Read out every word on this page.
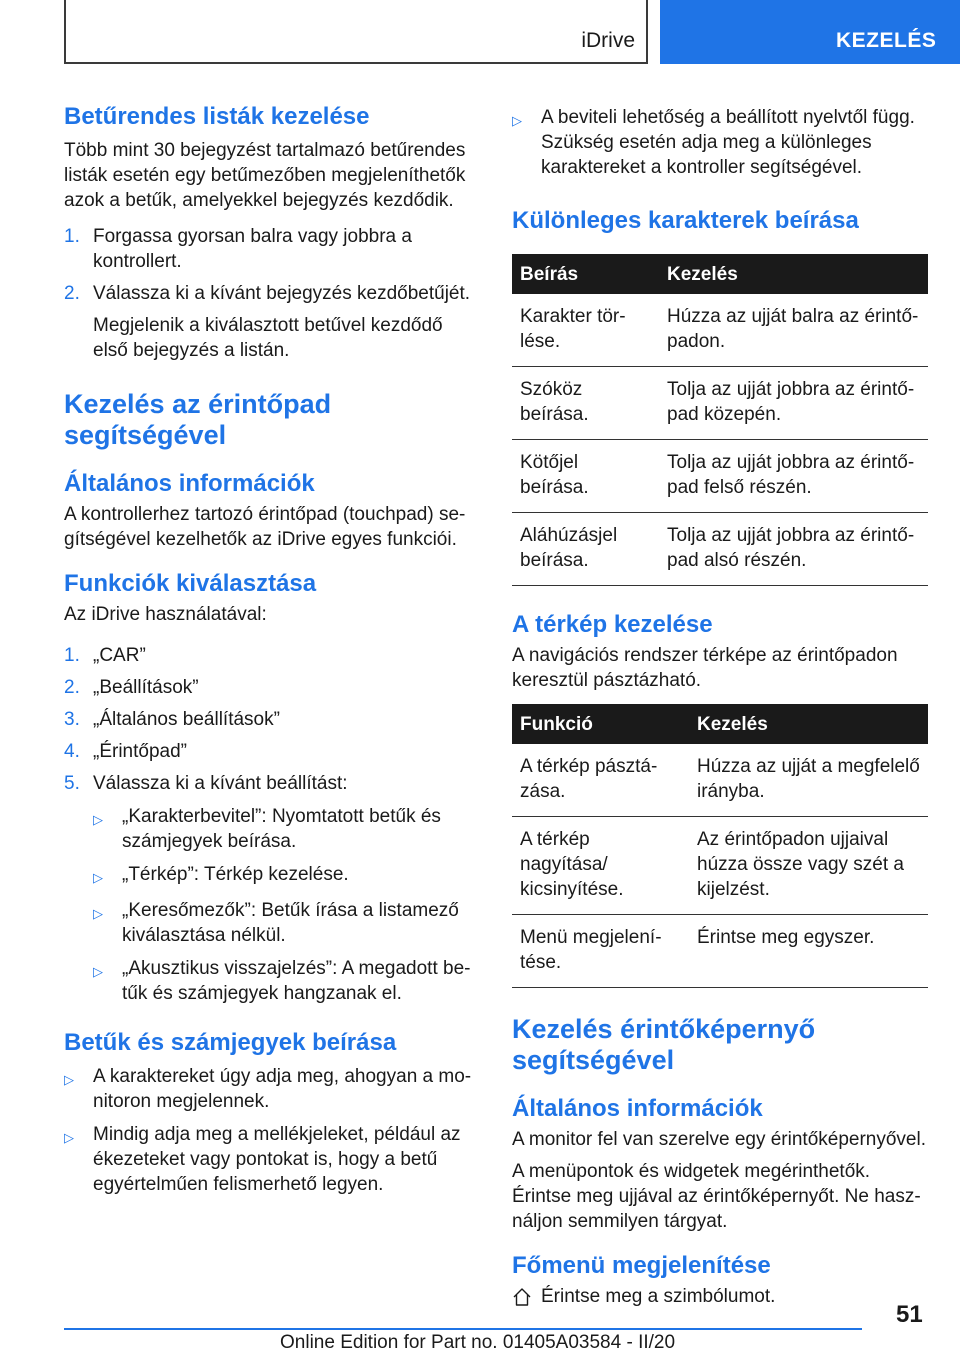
iDrive	KEZELÉS
Betűrendes listák kezelése

Több mint 30 bejegyzést tartalmazó betűrendes listák esetén egy betűmezőben megjeleníthetők azok a betűk, amelyekkel bejegyzés kezdődik.

1. Forgassa gyorsan balra vagy jobbra a kontrollert.
2. Válassza ki a kívánt bejegyzés kezdőbetűjét.

Megjelenik a kiválasztott betűvel kezdődő első bejegyzés a listán.

Kezelés az érintőpad segítségével
Általános információk

A kontrollerhez tartozó érintőpad (touchpad) segítségével kezelhetők az iDrive egyes funkciói.

Funkciók kiválasztása

Az iDrive használatával:

1. „CAR”
2. „Beállítások”
3. „Általános beállítások”
4. „Érintőpad”
5. Válassza ki a kívánt beállítást:
▷	„Karakterbevitel”: Nyomtatott betűk és számjegyek beírása.
▷	„Térkép”: Térkép kezelése.
▷	„Keresőmezők”: Betűk írása a listamező kiválasztása nélkül.
▷	„Akusztikus visszajelzés”: A megadott betűk és számjegyek hangzanak el.
Betűk és számjegyek beírása
▷	A karaktereket úgy adja meg, ahogyan a monitoron megjelennek.
▷	Mindig adja meg a mellékjeleket, például az ékezeteket vagy pontokat is, hogy a betű egyértelműen felismerhető legyen.
▷	A beviteli lehetőség a beállított nyelvtől függ. Szükség esetén adja meg a különleges karaktereket a kontroller segítségével.
Különleges karakterek beírása
Beírás	Kezelés
Karakter törlése.	Húzza az ujját balra az érintőpadon.
Szóköz beírása.	Tolja az ujját jobbra az érintőpad közepén.
Kötőjel beírása.	Tolja az ujját jobbra az érintőpad felső részén.
Aláhúzásjel beírása.	Tolja az ujját jobbra az érintőpad alsó részén.
A térkép kezelése

A navigációs rendszer térképe az érintőpadon keresztül pásztázható.

Funkció	Kezelés
A térkép pásztázása.	Húzza az ujját a megfelelő irányba.
A térkép nagyítása/ kicsinyítése.	Az érintőpadon ujjaival húzza össze vagy szét a kijelzést.
Menü megjelenítése.	Érintse meg egyszer.
Kezelés érintőképernyő segítségével
Általános információk

A monitor fel van szerelve egy érintőképernyővel.

A menüpontok és widgetek megérinthetők. Érintse meg ujjával az érintőképernyőt. Ne használjon semmilyen tárgyat.

Főmenü megjelenítése
Érintse meg a szimbólumot.
51
Online Edition for Part no. 01405A03584 - II/20
